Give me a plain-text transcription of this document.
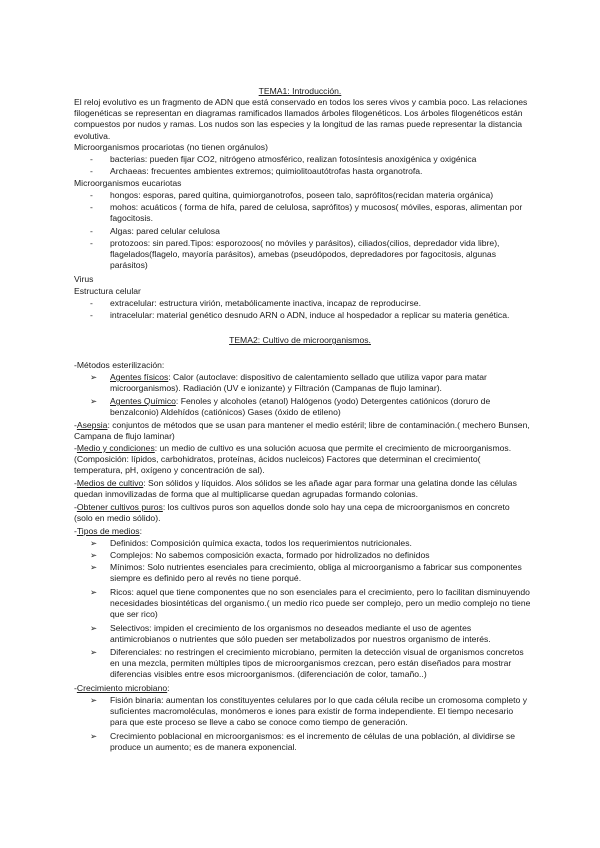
TEMA1: Introducción.
El reloj evolutivo es un fragmento de ADN que está conservado en todos los seres vivos y cambia poco. Las relaciones filogenéticas se representan en diagramas ramificados llamados árboles filogenéticos. Los árboles filogenéticos están compuestos por nudos y ramas. Los nudos son las especies y la longitud de las ramas puede representar la distancia evolutiva.
Microorganismos procariotas (no tienen orgánulos)
- bacterias: pueden fijar CO2, nitrógeno atmosférico, realizan fotosíntesis anoxigénica y oxigénica
- Archaeas: frecuentes ambientes extremos; quimiolitoautótrofas hasta organotrofa.
Microorganismos eucariotas
- hongos: esporas, pared quitina, quimiorganotrofos, poseen talo, saprófitos(recidan materia orgánica)
- mohos: acuáticos ( forma de hifa, pared de celulosa, saprófitos) y mucosos( móviles, esporas, alimentan por fagocitosis.
- Algas: pared celular celulosa
- protozoos: sin pared.Tipos: esporozoos( no móviles y parásitos), ciliados(cilios, depredador vida libre), flagelados(flagelo, mayoría parásitos), amebas (pseudópodos, depredadores por fagocitosis, algunas parásitos)
Virus
Estructura celular
- extracelular: estructura virión, metabólicamente inactiva, incapaz de reproducirse.
- intracelular: material genético desnudo ARN o ADN, induce al hospedador a replicar su materia genética.
TEMA2: Cultivo de microorganismos.
-Métodos esterilización:
➢ Agentes físicos: Calor (autoclave: dispositivo de calentamiento sellado que utiliza vapor para matar microorganismos). Radiación (UV e ionizante) y Filtración (Campanas de flujo laminar).
➢ Agentes Químico: Fenoles y alcoholes (etanol) Halógenos (yodo) Detergentes catiónicos (doruro de benzalconio) Aldehídos (catiónicos) Gases (óxido de etileno)
-Asepsia: conjuntos de métodos que se usan para mantener el medio estéril; libre de contaminación.( mechero Bunsen, Campana de flujo laminar)
-Medio y condiciones: un medio de cultivo es una solución acuosa que permite el crecimiento de microorganismos. (Composición: lípidos, carbohidratos, proteínas, ácidos nucleicos) Factores que determinan el crecimiento( temperatura, pH, oxígeno y concentración de sal).
-Medios de cultivo: Son sólidos y líquidos. Alos sólidos se les añade agar para formar una gelatina donde las células quedan inmovilizadas de forma que al multiplicarse quedan agrupadas formando colonias.
-Obtener cultivos puros: los cultivos puros son aquellos donde solo hay una cepa de microorganismos en concreto (solo en medio sólido).
-Tipos de medios:
➢ Definidos: Composición química exacta, todos los requerimientos nutricionales.
➢ Complejos: No sabemos composición exacta, formado por hidrolizados no definidos
➢ Mínimos: Solo nutrientes esenciales para crecimiento, obliga al microorganismo a fabricar sus componentes siempre es definido pero al revés no tiene porqué.
➢ Ricos: aquel que tiene componentes que no son esenciales para el crecimiento, pero lo facilitan disminuyendo necesidades biosintéticas del organismo.( un medio rico puede ser complejo, pero un medio complejo no tiene que ser rico)
➢ Selectivos: impiden el crecimiento de los organismos no deseados mediante el uso de agentes antimicrobianos o nutrientes que sólo pueden ser metabolizados por nuestros organismo de interés.
➢ Diferenciales: no restringen el crecimiento microbiano, permiten la detección visual de organismos concretos en una mezcla, permiten múltiples tipos de microorganismos crezcan, pero están diseñados para mostrar diferencias visibles entre esos microorganismos. (diferenciación de color, tamaño..)
-Crecimiento microbiano:
➢ Fisión binaria: aumentan los constituyentes celulares por lo que cada célula recibe un cromosoma completo y suficientes macromoléculas, monómeros e iones para existir de forma independiente. El tiempo necesario para que este proceso se lleve a cabo se conoce como tiempo de generación.
➢ Crecimiento poblacional en microorganismos: es el incremento de células de una población, al dividirse se produce un aumento; es de manera exponencial.
